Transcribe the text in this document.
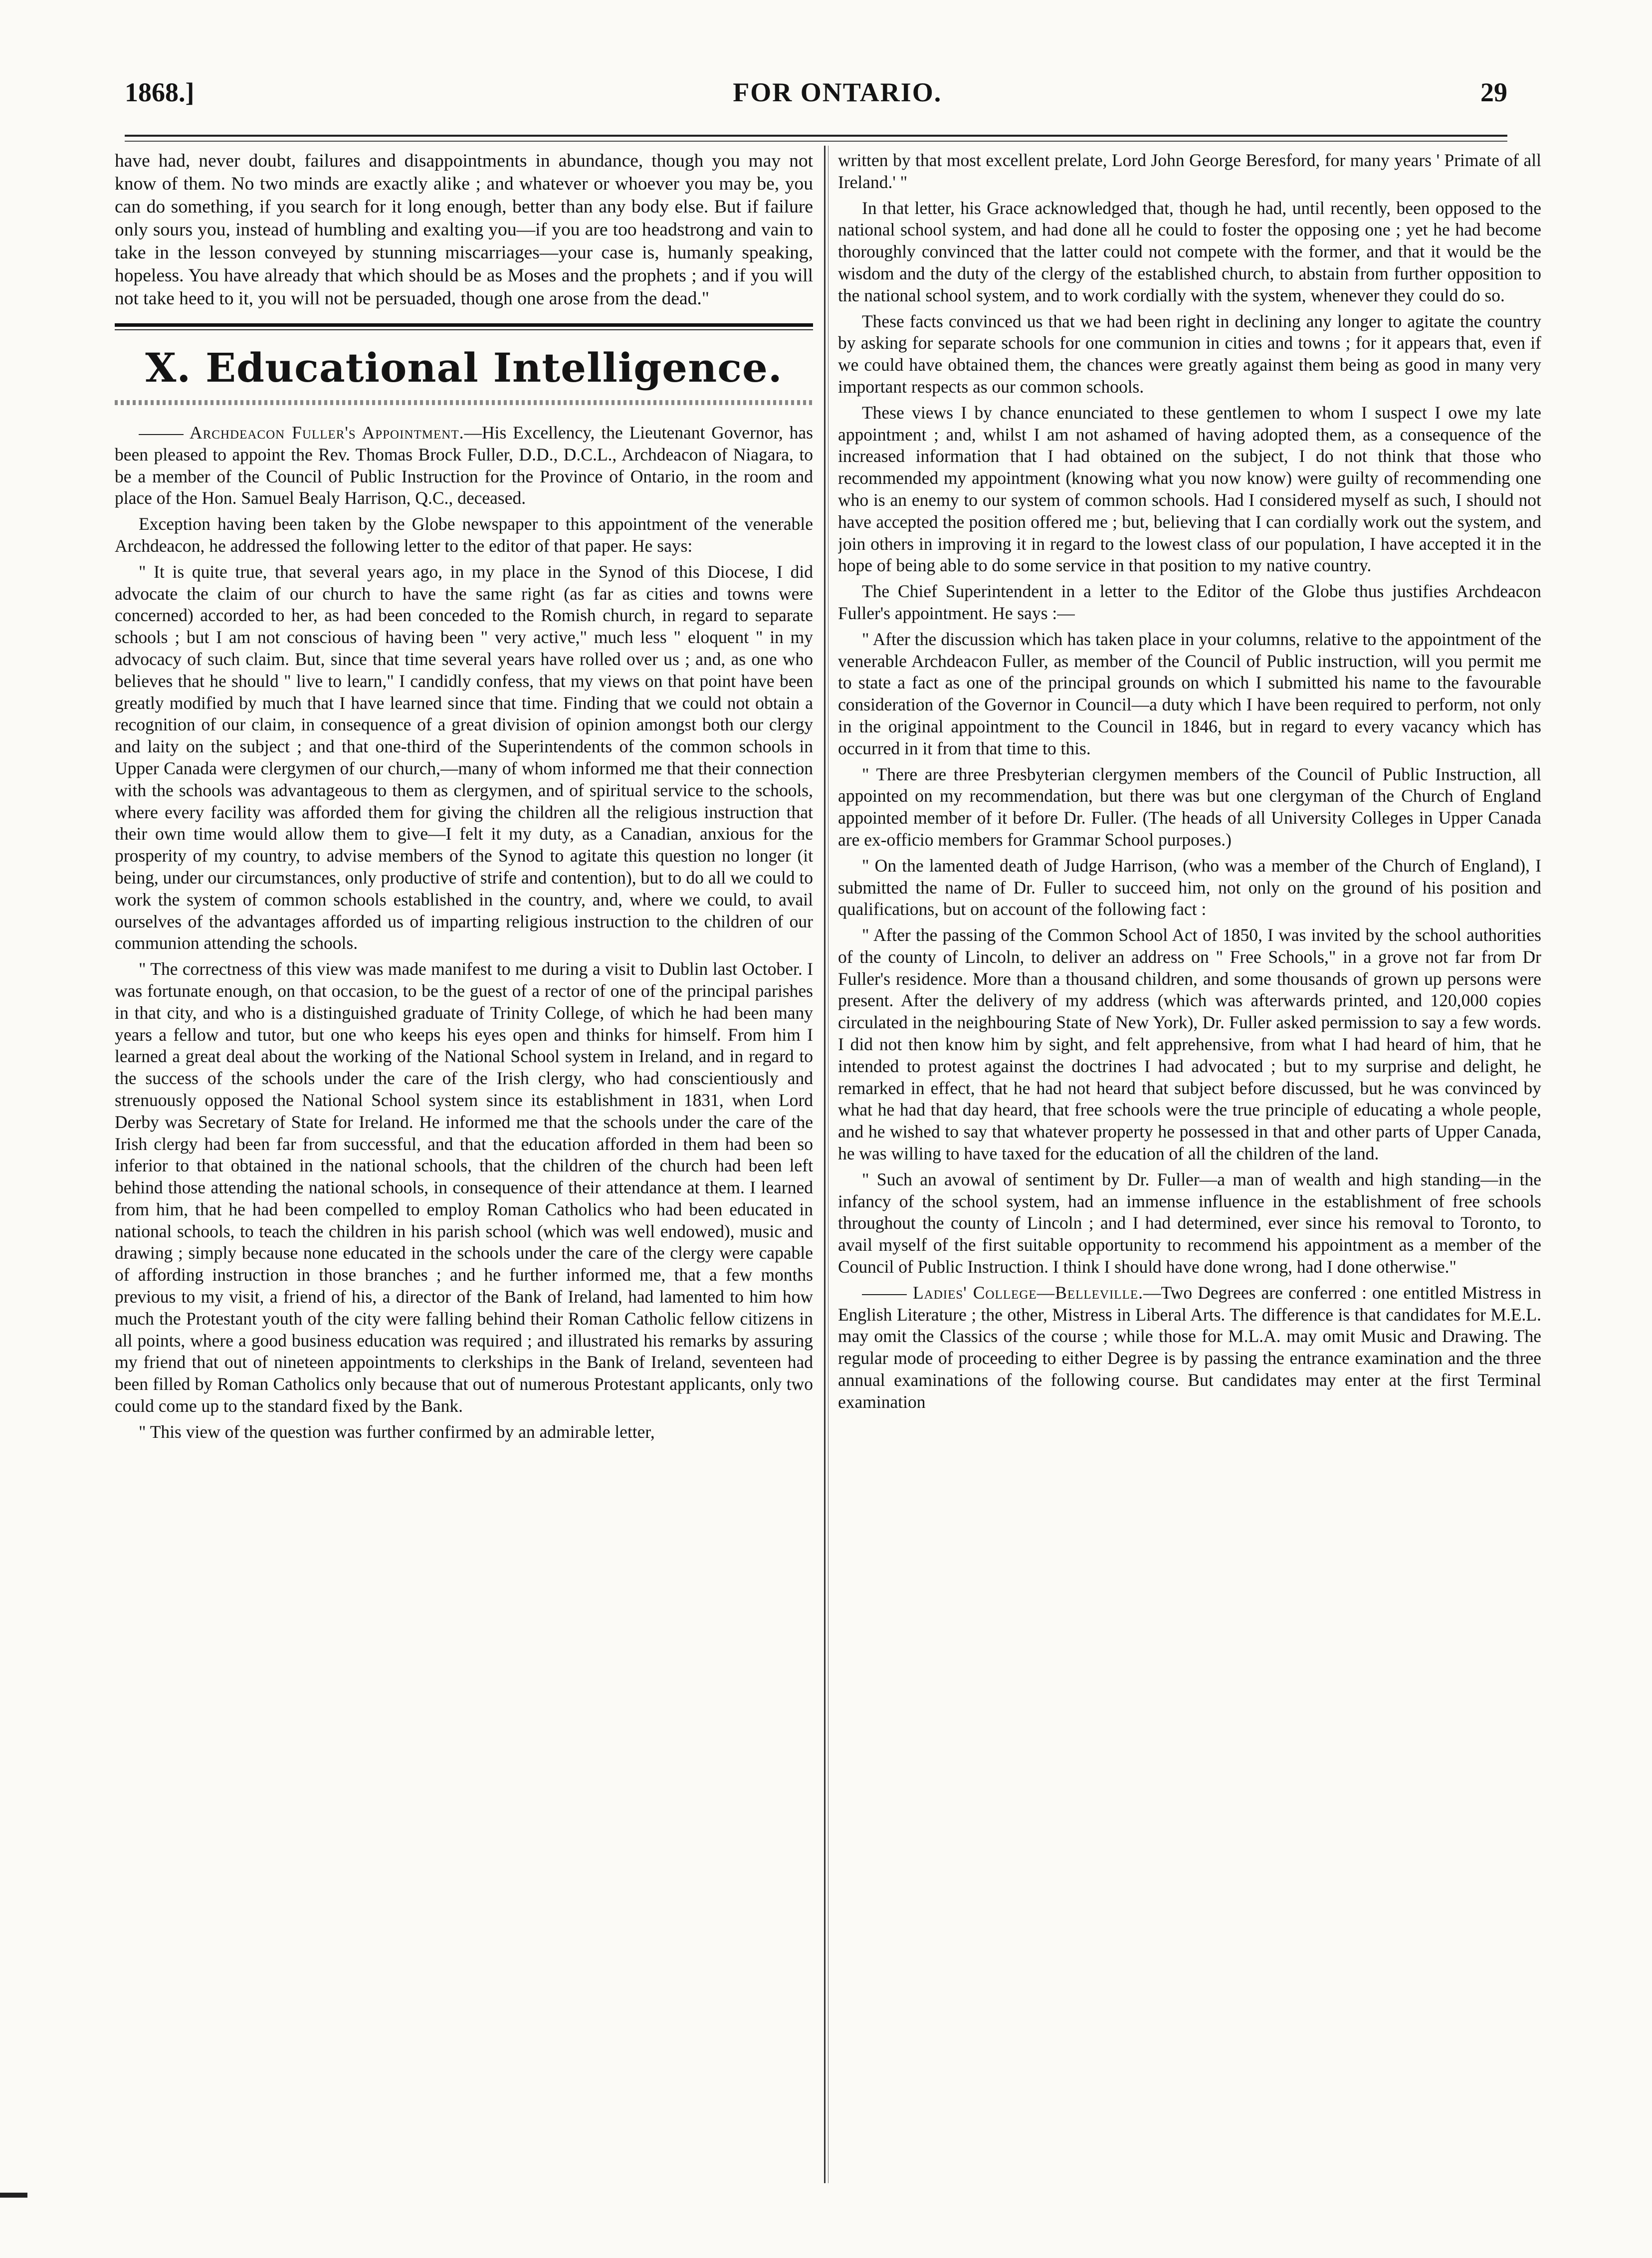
1868.]	FOR ONTARIO.	29

have had, never doubt, failures and disappointments in abundance, though you may not know of them. No two minds are exactly alike ; and whatever or whoever you may be, you can do something, if you search for it long enough, better than any body else. But if failure only sours you, instead of humbling and exalting you—if you are too headstrong and vain to take in the lesson conveyed by stunning miscarriages—your case is, humanly speaking, hopeless. You have already that which should be as Moses and the prophets ; and if you will not take heed to it, you will not be persuaded, though one arose from the dead."

X. Educational Intelligence.

Archdeacon Fuller's Appointment.—His Excellency, the Lieutenant Governor, has been pleased to appoint the Rev. Thomas Brock Fuller, D.D., D.C.L., Archdeacon of Niagara, to be a member of the Council of Public Instruction for the Province of Ontario, in the room and place of the Hon. Samuel Bealy Harrison, Q.C., deceased.

Exception having been taken by the Globe newspaper to this appointment of the venerable Archdeacon, he addressed the following letter to the editor of that paper. He says:

" It is quite true, that several years ago, in my place in the Synod of this Diocese, I did advocate the claim of our church to have the same right (as far as cities and towns were concerned) accorded to her, as had been conceded to the Romish church, in regard to separate schools ; but I am not conscious of having been " very active," much less " eloquent " in my advocacy of such claim. But, since that time several years have rolled over us ; and, as one who believes that he should " live to learn," I candidly confess, that my views on that point have been greatly modified by much that I have learned since that time. Finding that we could not obtain a recognition of our claim, in consequence of a great division of opinion amongst both our clergy and laity on the subject ; and that one-third of the Superintendents of the common schools in Upper Canada were clergymen of our church,—many of whom informed me that their connection with the schools was advantageous to them as clergymen, and of spiritual service to the schools, where every facility was afforded them for giving the children all the religious instruction that their own time would allow them to give—I felt it my duty, as a Canadian, anxious for the prosperity of my country, to advise members of the Synod to agitate this question no longer (it being, under our circumstances, only productive of strife and contention), but to do all we could to work the system of common schools established in the country, and, where we could, to avail ourselves of the advantages afforded us of imparting religious instruction to the children of our communion attending the schools.

" The correctness of this view was made manifest to me during a visit to Dublin last October. I was fortunate enough, on that occasion, to be the guest of a rector of one of the principal parishes in that city, and who is a distinguished graduate of Trinity College, of which he had been many years a fellow and tutor, but one who keeps his eyes open and thinks for himself. From him I learned a great deal about the working of the National School system in Ireland, and in regard to the success of the schools under the care of the Irish clergy, who had conscientiously and strenuously opposed the National School system since its establishment in 1831, when Lord Derby was Secretary of State for Ireland. He informed me that the schools under the care of the Irish clergy had been far from successful, and that the education afforded in them had been so inferior to that obtained in the national schools, that the children of the church had been left behind those attending the national schools, in consequence of their attendance at them. I learned from him, that he had been compelled to employ Roman Catholics who had been educated in national schools, to teach the children in his parish school (which was well endowed), music and drawing ; simply because none educated in the schools under the care of the clergy were capable of affording instruction in those branches ; and he further informed me, that a few months previous to my visit, a friend of his, a director of the Bank of Ireland, had lamented to him how much the Protestant youth of the city were falling behind their Roman Catholic fellow citizens in all points, where a good business education was required ; and illustrated his remarks by assuring my friend that out of nineteen appointments to clerkships in the Bank of Ireland, seventeen had been filled by Roman Catholics only because that out of numerous Protestant applicants, only two could come up to the standard fixed by the Bank.

" This view of the question was further confirmed by an admirable letter,

written by that most excellent prelate, Lord John George Beresford, for many years ' Primate of all Ireland.' "

In that letter, his Grace acknowledged that, though he had, until recently, been opposed to the national school system, and had done all he could to foster the opposing one ; yet he had become thoroughly convinced that the latter could not compete with the former, and that it would be the wisdom and the duty of the clergy of the established church, to abstain from further opposition to the national school system, and to work cordially with the system, whenever they could do so.

These facts convinced us that we had been right in declining any longer to agitate the country by asking for separate schools for one communion in cities and towns ; for it appears that, even if we could have obtained them, the chances were greatly against them being as good in many very important respects as our common schools.

These views I by chance enunciated to these gentlemen to whom I suspect I owe my late appointment ; and, whilst I am not ashamed of having adopted them, as a consequence of the increased information that I had obtained on the subject, I do not think that those who recommended my appointment (knowing what you now know) were guilty of recommending one who is an enemy to our system of common schools. Had I considered myself as such, I should not have accepted the position offered me ; but, believing that I can cordially work out the system, and join others in improving it in regard to the lowest class of our population, I have accepted it in the hope of being able to do some service in that position to my native country.

The Chief Superintendent in a letter to the Editor of the Globe thus justifies Archdeacon Fuller's appointment. He says :—

" After the discussion which has taken place in your columns, relative to the appointment of the venerable Archdeacon Fuller, as member of the Council of Public instruction, will you permit me to state a fact as one of the principal grounds on which I submitted his name to the favourable consideration of the Governor in Council—a duty which I have been required to perform, not only in the original appointment to the Council in 1846, but in regard to every vacancy which has occurred in it from that time to this.

" There are three Presbyterian clergymen members of the Council of Public Instruction, all appointed on my recommendation, but there was but one clergyman of the Church of England appointed member of it before Dr. Fuller. (The heads of all University Colleges in Upper Canada are ex-officio members for Grammar School purposes.)

" On the lamented death of Judge Harrison, (who was a member of the Church of England), I submitted the name of Dr. Fuller to succeed him, not only on the ground of his position and qualifications, but on account of the following fact :

" After the passing of the Common School Act of 1850, I was invited by the school authorities of the county of Lincoln, to deliver an address on " Free Schools," in a grove not far from Dr Fuller's residence. More than a thousand children, and some thousands of grown up persons were present. After the delivery of my address (which was afterwards printed, and 120,000 copies circulated in the neighbouring State of New York), Dr. Fuller asked permission to say a few words. I did not then know him by sight, and felt apprehensive, from what I had heard of him, that he intended to protest against the doctrines I had advocated ; but to my surprise and delight, he remarked in effect, that he had not heard that subject before discussed, but he was convinced by what he had that day heard, that free schools were the true principle of educating a whole people, and he wished to say that whatever property he possessed in that and other parts of Upper Canada, he was willing to have taxed for the education of all the children of the land.

" Such an avowal of sentiment by Dr. Fuller—a man of wealth and high standing—in the infancy of the school system, had an immense influence in the establishment of free schools throughout the county of Lincoln ; and I had determined, ever since his removal to Toronto, to avail myself of the first suitable opportunity to recommend his appointment as a member of the Council of Public Instruction. I think I should have done wrong, had I done otherwise."

Ladies' College—Belleville.—Two Degrees are conferred : one entitled Mistress in English Literature ; the other, Mistress in Liberal Arts. The difference is that candidates for M.E.L. may omit the Classics of the course ; while those for M.L.A. may omit Music and Drawing. The regular mode of proceeding to either Degree is by passing the entrance examination and the three annual examinations of the following course. But candidates may enter at the first Terminal examination
